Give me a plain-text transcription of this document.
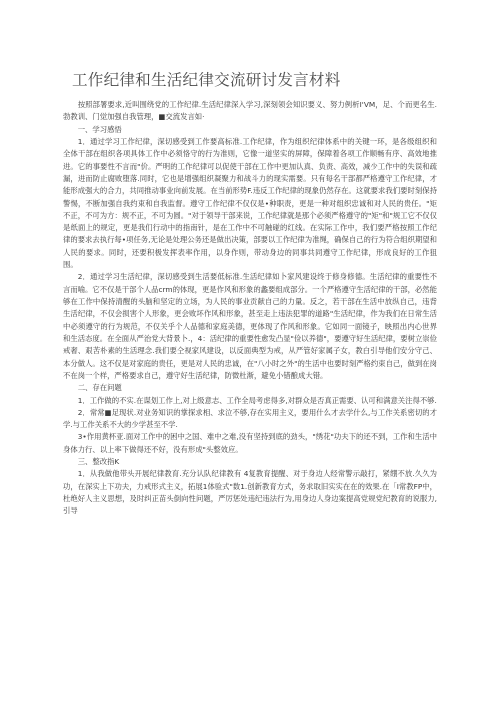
工作纪律和生活纪律交流研讨发言材料

按照部署要求,近叫围绕党的工作纪律.生活纪律深入学习,深刻领会知识要义、努力例析I'VM，足、个而更名生.勃教训、门觉加强自我管理，■交流发言如·

一、学习感悟

1．通过学习工作纪律，深切感受到工作要高标准.工作纪律，作为组织纪律体系中的关键一环，是各级组织和全体干部在组织各项具体工作中必须恪守的行为准则，它像一道坚实的屏障，保障着各项工作顺畅有序、高效地推进。它的事要性不言而"价。严明的工作纪律可以促使干部在工作中更加认真、负责、高效，减少工作中的失误和疏漏，进而防止腐败堕落.同时，它也是增强组织凝聚力和战斗力的现实需要。只有每名干部都严格遵守工作纪律，才能形成强大的合力，共同推动事业向前发展。在当前形势F.违反工作纪律的现象仍然存在。这就要求我们要时刻保持警惕，不断加强自我约束和自我监督。遵守工作纪律不仅仅是•种职责，更是一种对组织忠诚和对人民的贵任。"矩不正，不可为方：规不正，不可为圆。"对于领导干部来说，工作纪律就是那个必须严格遵守的"矩"和"规工它不仅仅是纸面上的规定，更是我们行动中的指南针，是在工作中不可触碰的红线。在实际工作中，我们要严格按照工作纪律的要求去执行每•项任务,无论是处理公务还是做出决策，部要以工作纪律为准绳，确保自己的行为符合组织期望和人民的要求。同时，还要积极发挥表率作用，以身作则，带动身边的同事共同遵守工作纪律，形成良好的工作狙围。

2．通过学习生活纪律，深切感受到生活要低标准.生活纪律如卜家风建设终于修身修德。生活纪律的重要性不言而喻。它不仅是干部个人品crm的体现，更是作风和形象的蠡要组成部分。一个严格遵守生活纪律的干部，必然能够在工作中保持清醒的头脑和坚定的立场，为人民的事业贡献自己的力量。反之，若干部在生活中放纵自己，违背生活纪律，不仅会损害个人形象，更会败坏作风和形象，甚至走上违法犯罪的道路"生活纪律，作为我们在日常生活中必须遵守的行为规范，不仅关乎个人品德和家庭美德，更体现了作风和形象。它如同一面镜子，映照出内心世界和生活态度。在全面从严治党大背景卜.，4：活纪律的重要性愈发凸显"俭以养德"，要遵守好生活纪律，要树立崇俭戒奢、艰苦朴素的生活理念.我们要仝视家风建设，以反面典型为戒，从严管好家属子女，教白引导他们安分守己、本分做人。这不仅是对家庭的贵任，更是对人民的忠诚，在"八小时之外"的生活中也要时刻严格约束自己，做到在岗不在岗一个样，严格要求自己，遵守好生活纪律，防微杜渐，避免小错酿成大错。

二、存在问题

1．工作做的不实.在谋划工作上,对上级意志、工作全局考虑得多,对群众是否真正需要、认可和满意关注得不够.

2．常常■足现状.对业务知识的掌探求相、求泣不够,存在实用主义，要用什么才去学什么,与工作关系密切的才学.与工作关系不大的少学甚至不学.

3•作用黄杯亚.面对工作中的困中之国、难中之难,没有坚持到底的劲头，"绣花"功夫下的还不到，工作和生活中身体力行、以上率下做得还不好，没有形成"头整效应。

三、整改指K

1．从我做他带头开展纪律教育.充分认队纪律教有 4复教育提醒、对于身边人经常警示敲打，紧绷不放.久久为功，在深实上下功夫，力戒形式主义，拓展1体验式"数1.创新教育方式，务求取旧实实在在的效果.在「I常教FP中，杜绝好人主义思想，及时纠正苗头倒向性问题，严厉惩处违纪违法行为,用身边人身边案提高党规党纪教育的说服力,引导
